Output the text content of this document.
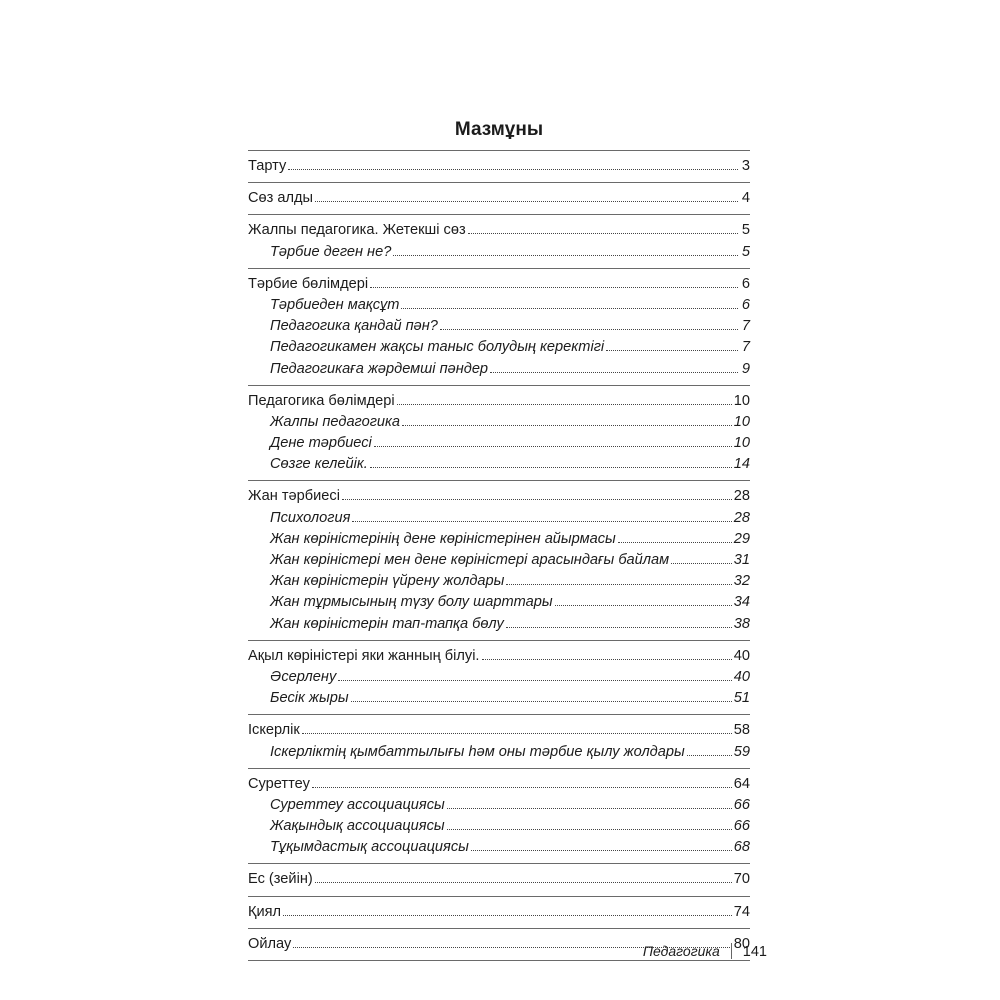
Мазмұны
Тарту	3
Сөз алды	4
Жалпы педагогика. Жетекші сөз	5
Тәрбие деген не?	5
Тәрбие бөлімдері	6
Тәрбиеден мақсұт	6
Педагогика қандай пән?	7
Педагогикамен жақсы таныс болудың керектігі	7
Педагогикаға жәрдемші пәндер	9
Педагогика бөлімдері	10
Жалпы педагогика	10
Дене тәрбиесі	10
Сөзге келейік.	14
Жан тәрбиесі	28
Психология	28
Жан көріністерінің дене көріністерінен айырмасы	29
Жан көріністері мен дене көріністері арасындағы байлам	31
Жан көріністерін үйрену жолдары	32
Жан тұрмысының түзу болу шарттары	34
Жан көріністерін тап-тапқа бөлу	38
Ақыл көріністері яки жанның білуі.	40
Әсерлену	40
Бесік жыры	51
Іскерлік	58
Іскерліктің қымбаттылығы һәм оны тәрбие қылу жолдары	59
Суреттеу	64
Суреттеу ассоциациясы	66
Жақындық ассоциациясы	66
Тұқымдастық ассоциациясы	68
Ес (зейін)	70
Қиял	74
Ойлау	80
Педагогика 141
